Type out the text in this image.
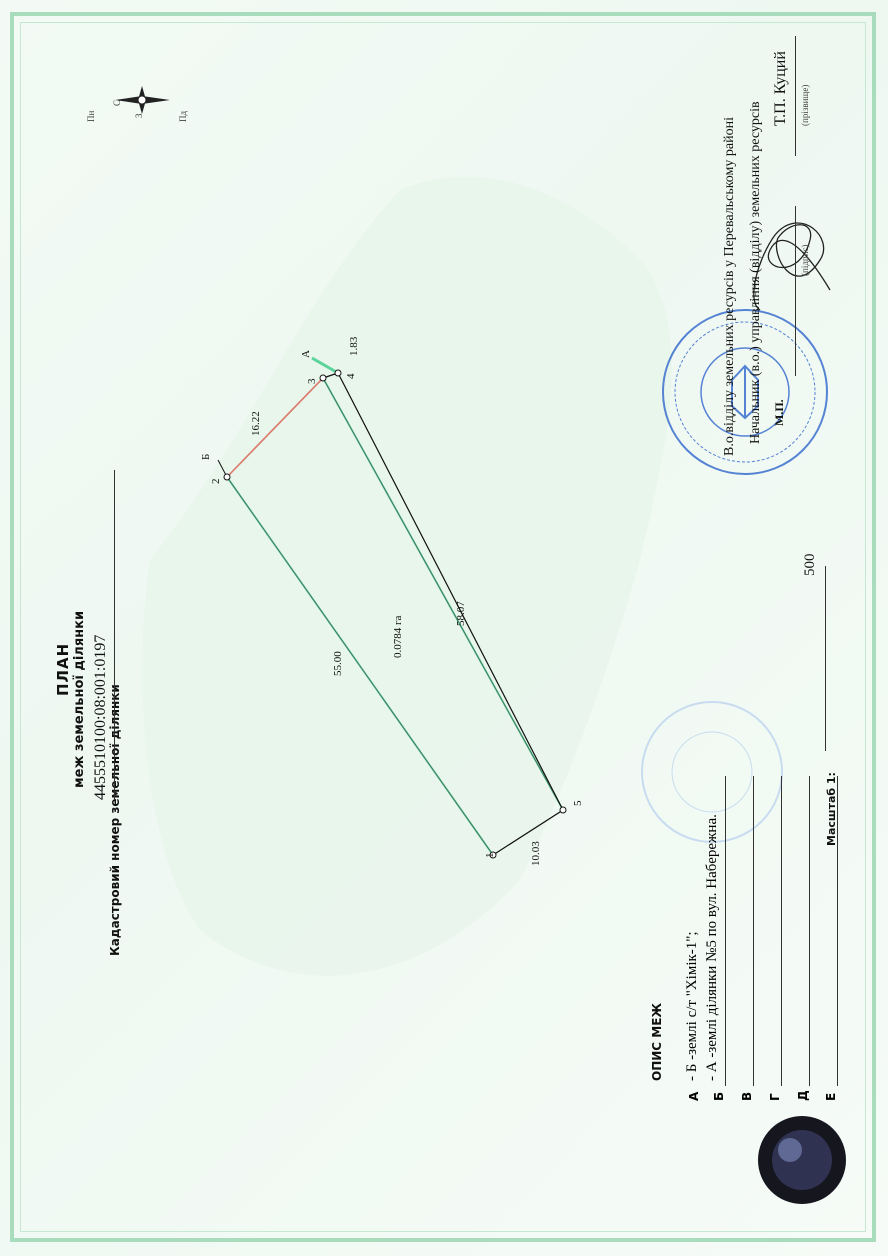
ПЛАН меж земельної ділянки Кадастровий номер земельної ділянки
4455510100:08:001:0197
С
Пд
З
Пн
0.0784 га
55.00
16.22
1.83
58.07
10.03
1
2
3
4
5
Б
А
ОПИС МЕЖ
А
- Б -землі с/т "Хімік-1";
Б
- А -землі ділянки №5 по вул. Набережна.
В Г Д Е
Масштаб 1:
500
В.о.відділу земельних ресурсів у Перевальському районі Начальник (в.о.) управління (відділу) земельних ресурсів М.П.
(підпис)
Т.П. Куций (прізвище)
